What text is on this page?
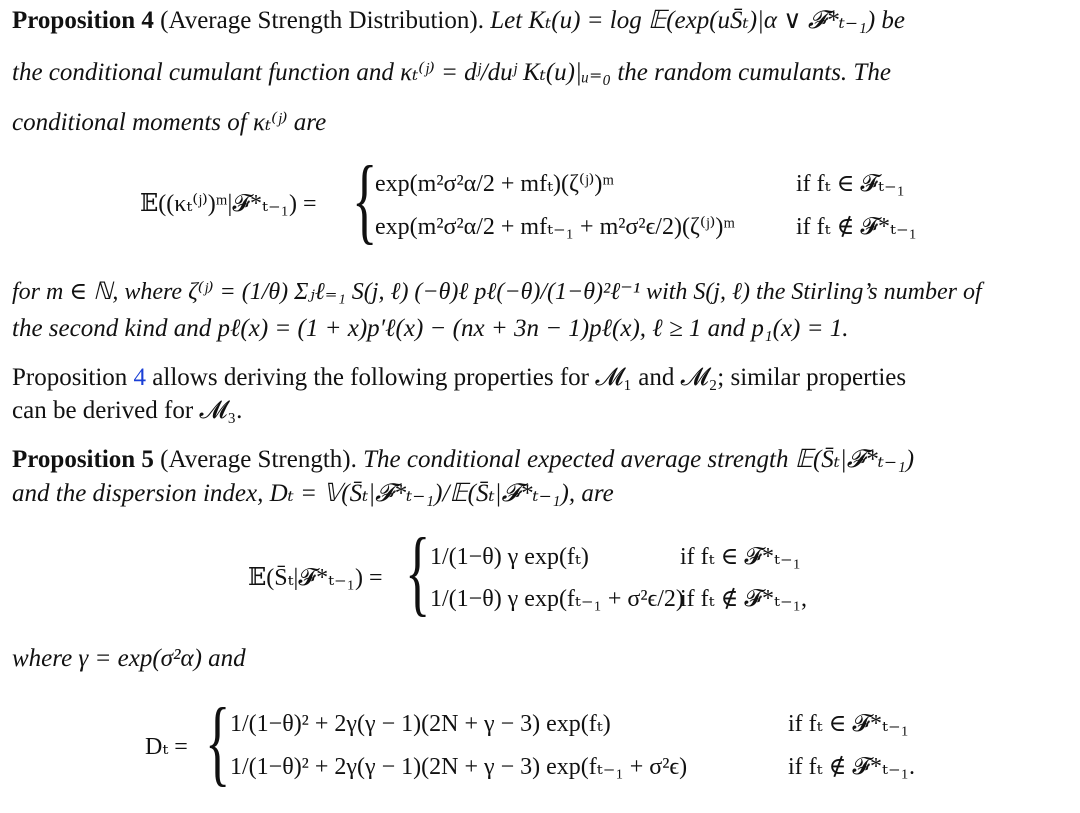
Proposition 4 (Average Strength Distribution). Let Kₜ(u) = log 𝔼(exp(uS̄ₜ)|α ∨ 𝓕*ₜ₋₁) be
the conditional cumulant function and κₜ⁽ʲ⁾ = dʲ/duʲ Kₜ(u)|ᵤ₌₀ the random cumulants. The
conditional moments of κₜ⁽ʲ⁾ are
𝔼((κₜ⁽ʲ⁾)ᵐ|𝓕*ₜ₋₁) = {
exp(m²σ²α/2 + mfₜ)(ζ⁽ʲ⁾)ᵐ
exp(m²σ²α/2 + mfₜ₋₁ + m²σ²ϵ/2)(ζ⁽ʲ⁾)ᵐ
if fₜ ∈ 𝓕ₜ₋₁
if fₜ ∉ 𝓕*ₜ₋₁
for m ∈ ℕ, where ζ⁽ʲ⁾ = (1/θ) Σⱼℓ₌₁ S(j, ℓ) (−θ)ℓ pℓ(−θ)/(1−θ)²ℓ⁻¹ with S(j, ℓ) the Stirling’s number of
the second kind and pℓ(x) = (1 + x)p′ℓ(x) − (nx + 3n − 1)pℓ(x), ℓ ≥ 1 and p₁(x) = 1.
Proposition 4 allows deriving the following properties for 𝓜₁ and 𝓜₂; similar properties
can be derived for 𝓜₃.
Proposition 5 (Average Strength). The conditional expected average strength 𝔼(S̄ₜ|𝓕*ₜ₋₁)
and the dispersion index, Dₜ = 𝕍(S̄ₜ|𝓕*ₜ₋₁)/𝔼(S̄ₜ|𝓕*ₜ₋₁), are
𝔼(S̄ₜ|𝓕*ₜ₋₁) = { 1/(1−θ) γ exp(fₜ)
1/(1−θ) γ exp(fₜ₋₁ + σ²ϵ/2)
if fₜ ∈ 𝓕*ₜ₋₁
if fₜ ∉ 𝓕*ₜ₋₁,
where γ = exp(σ²α) and
Dₜ = { 1/(1−θ)² + 2γ(γ − 1)(2N + γ − 3) exp(fₜ)
1/(1−θ)² + 2γ(γ − 1)(2N + γ − 3) exp(fₜ₋₁ + σ²ϵ)
if fₜ ∈ 𝓕*ₜ₋₁
if fₜ ∉ 𝓕*ₜ₋₁.
